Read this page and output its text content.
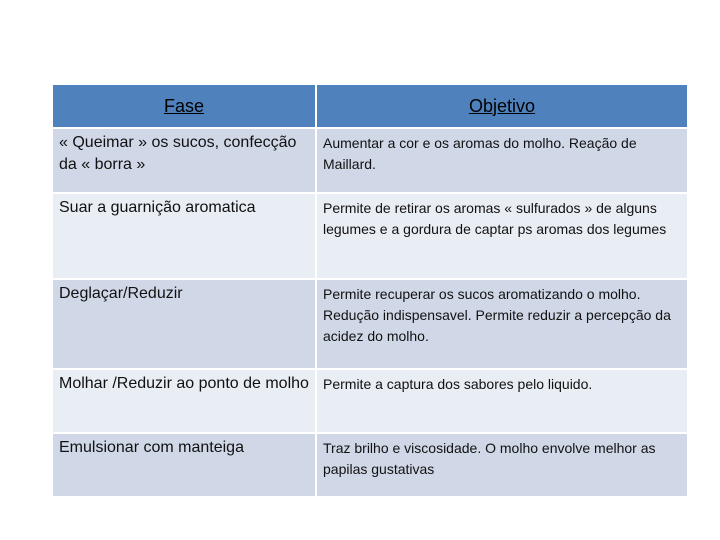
Fase	Objetivo
« Queimar » os sucos, confecção da « borra »	Aumentar a cor e os aromas do molho. Reação de Maillard.
Suar a guarnição aromatica	Permite de retirar os aromas « sulfurados » de alguns legumes e a gordura de captar ps aromas dos legumes
Deglaçar/Reduzir	Permite recuperar os sucos aromatizando o molho. Redução indispensavel. Permite reduzir a percepção da acidez do molho.
Molhar /Reduzir ao ponto de molho	Permite a captura dos sabores pelo liquido.
Emulsionar com manteiga	Traz brilho e viscosidade. O molho envolve melhor as papilas gustativas
